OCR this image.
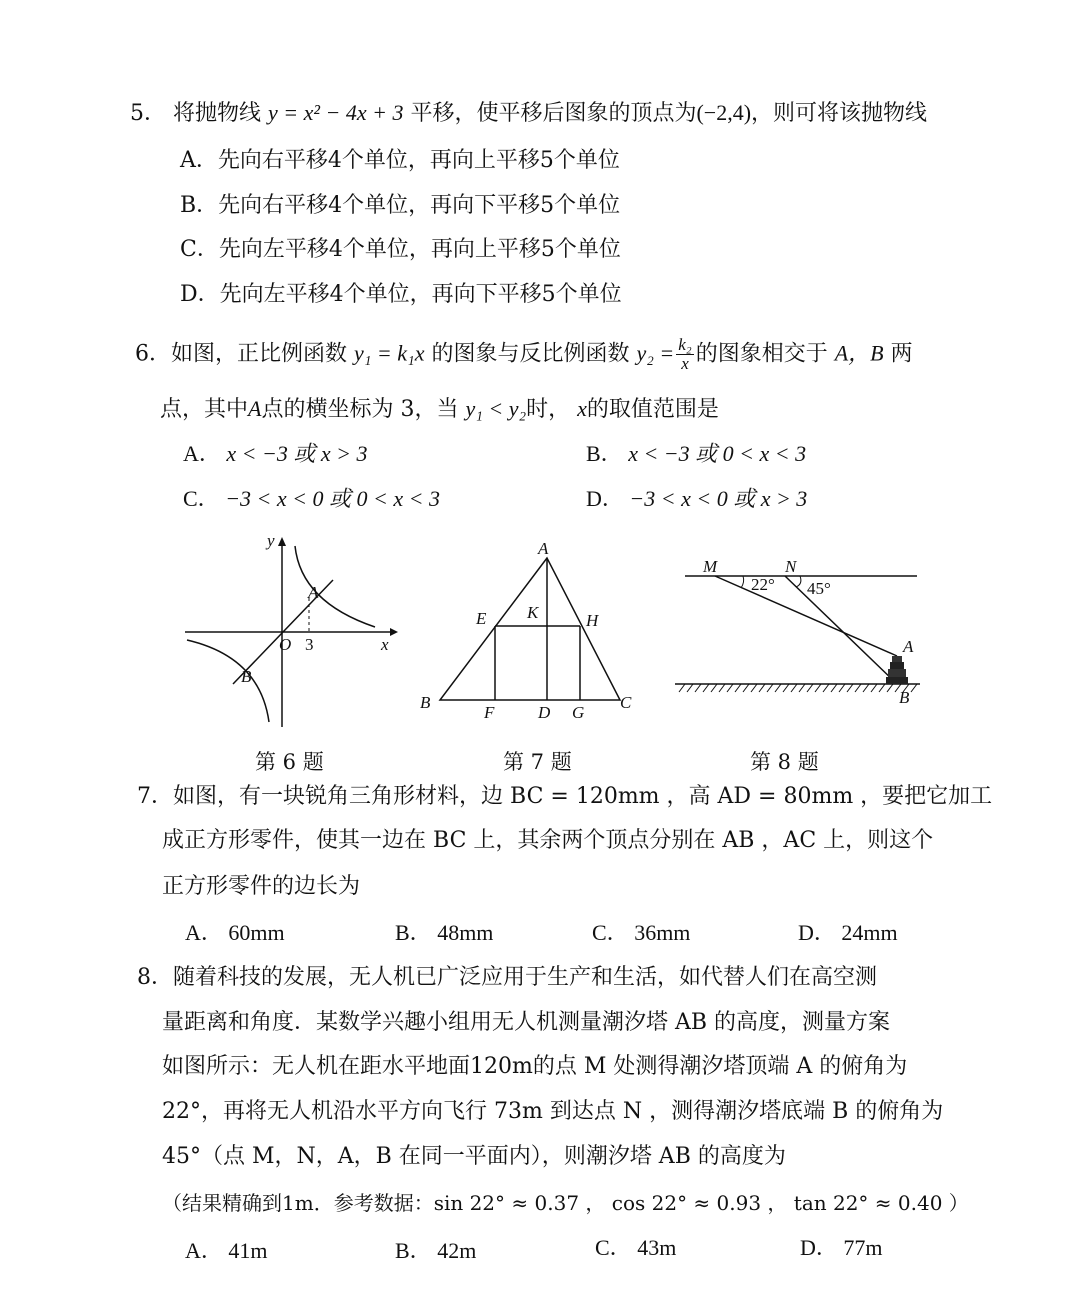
5． 将抛物线 y = x² − 4x + 3 平移，使平移后图象的顶点为(−2,4)，则可将该抛物线
A．先向右平移4个单位，再向上平移5个单位
B．先向右平移4个单位，再向下平移5个单位
C．先向左平移4个单位，再向上平移5个单位
D．先向左平移4个单位，再向下平移5个单位
6．如图，正比例函数 y₁ = k₁x 的图象与反比例函数 $y_2 = \frac{\text{k₂}}{x}$ 的图象相交于 A，B 两
点，其中A点的横坐标为 3，当 y₁ < y₂时， x的取值范围是
A． x < −3 或 x > 3	B． x < −3 或 0 < x < 3
C． −3 < x < 0 或 0 < x < 3	D． −3 < x < 0 或 x > 3
y
x
O 3
A
B
A
B	C
D
E
F	G
H
K
M	N
A
B
22° 45°
第 6 题	第 7 题	第 8 题
7．如图，有一块锐角三角形材料，边 BC = 120mm ，高 AD = 80mm ，要把它加工
成正方形零件，使其一边在 BC 上，其余两个顶点分别在 AB ，AC 上，则这个
正方形零件的边长为
A． 60mm	B． 48mm	C． 36mm	D． 24mm
8．随着科技的发展，无人机已广泛应用于生产和生活，如代替人们在高空测
量距离和角度．某数学兴趣小组用无人机测量潮汐塔 AB 的高度，测量方案
如图所示：无人机在距水平地面120m的点 M 处测得潮汐塔顶端 A 的俯角为
22°，再将无人机沿水平方向飞行 73m 到达点 N ，测得潮汐塔底端 B 的俯角为
45°（点 M，N，A，B 在同一平面内），则潮汐塔 AB 的高度为
（结果精确到1m．参考数据：sin 22° ≈ 0.37 ， cos 22° ≈ 0.93 ， tan 22° ≈ 0.40 ）
A． 41m	B． 42m	C． 43m	D． 77m
